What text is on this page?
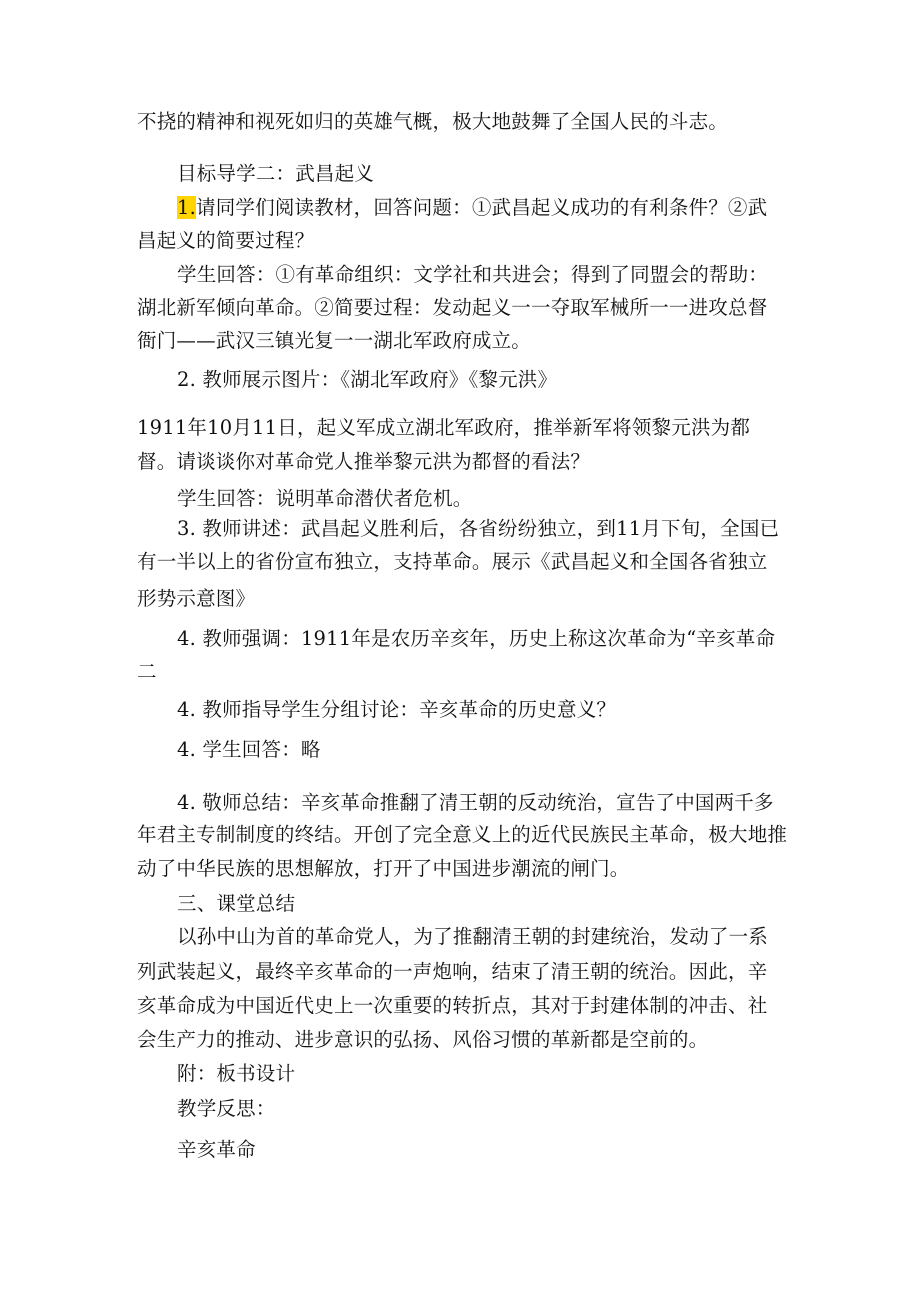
不挠的精神和视死如归的英雄气概，极大地鼓舞了全国人民的斗志。
目标导学二：武昌起义
1.请同学们阅读教材，回答问题：①武昌起义成功的有利条件？②武
昌起义的简要过程？
学生回答：①有革命组织：文学社和共进会；得到了同盟会的帮助：
湖北新军倾向革命。②简要过程：发动起义一一夺取军械所一一进攻总督
衙门——武汉三镇光复一一湖北军政府成立。
2. 教师展示图片：《湖北军政府》《黎元洪》
1911年10月11日，起义军成立湖北军政府，推举新军将领黎元洪为都
督。请谈谈你对革命党人推举黎元洪为都督的看法？
学生回答：说明革命潜伏者危机。
3. 教师讲述：武昌起义胜利后，各省纷纷独立，到11月下旬，全国已
有一半以上的省份宣布独立，支持革命。展示《武昌起义和全国各省独立
形势示意图》
4. 教师强调：1911年是农历辛亥年，历史上称这次革命为“辛亥革命
二
4. 教师指导学生分组讨论：辛亥革命的历史意义？
4. 学生回答：略
4. 敬师总结：辛亥革命推翻了清王朝的反动统治，宣告了中国两千多
年君主专制制度的终结。开创了完全意义上的近代民族民主革命，极大地推
动了中华民族的思想解放，打开了中国进步潮流的闸门。
三、课堂总结
以孙中山为首的革命党人，为了推翻清王朝的封建统治，发动了一系
列武装起义，最终辛亥革命的一声炮响，结束了清王朝的统治。因此，辛
亥革命成为中国近代史上一次重要的转折点，其对于封建体制的冲击、社
会生产力的推动、进步意识的弘扬、风俗习惯的革新都是空前的。
附：板书设计
教学反思：
辛亥革命
